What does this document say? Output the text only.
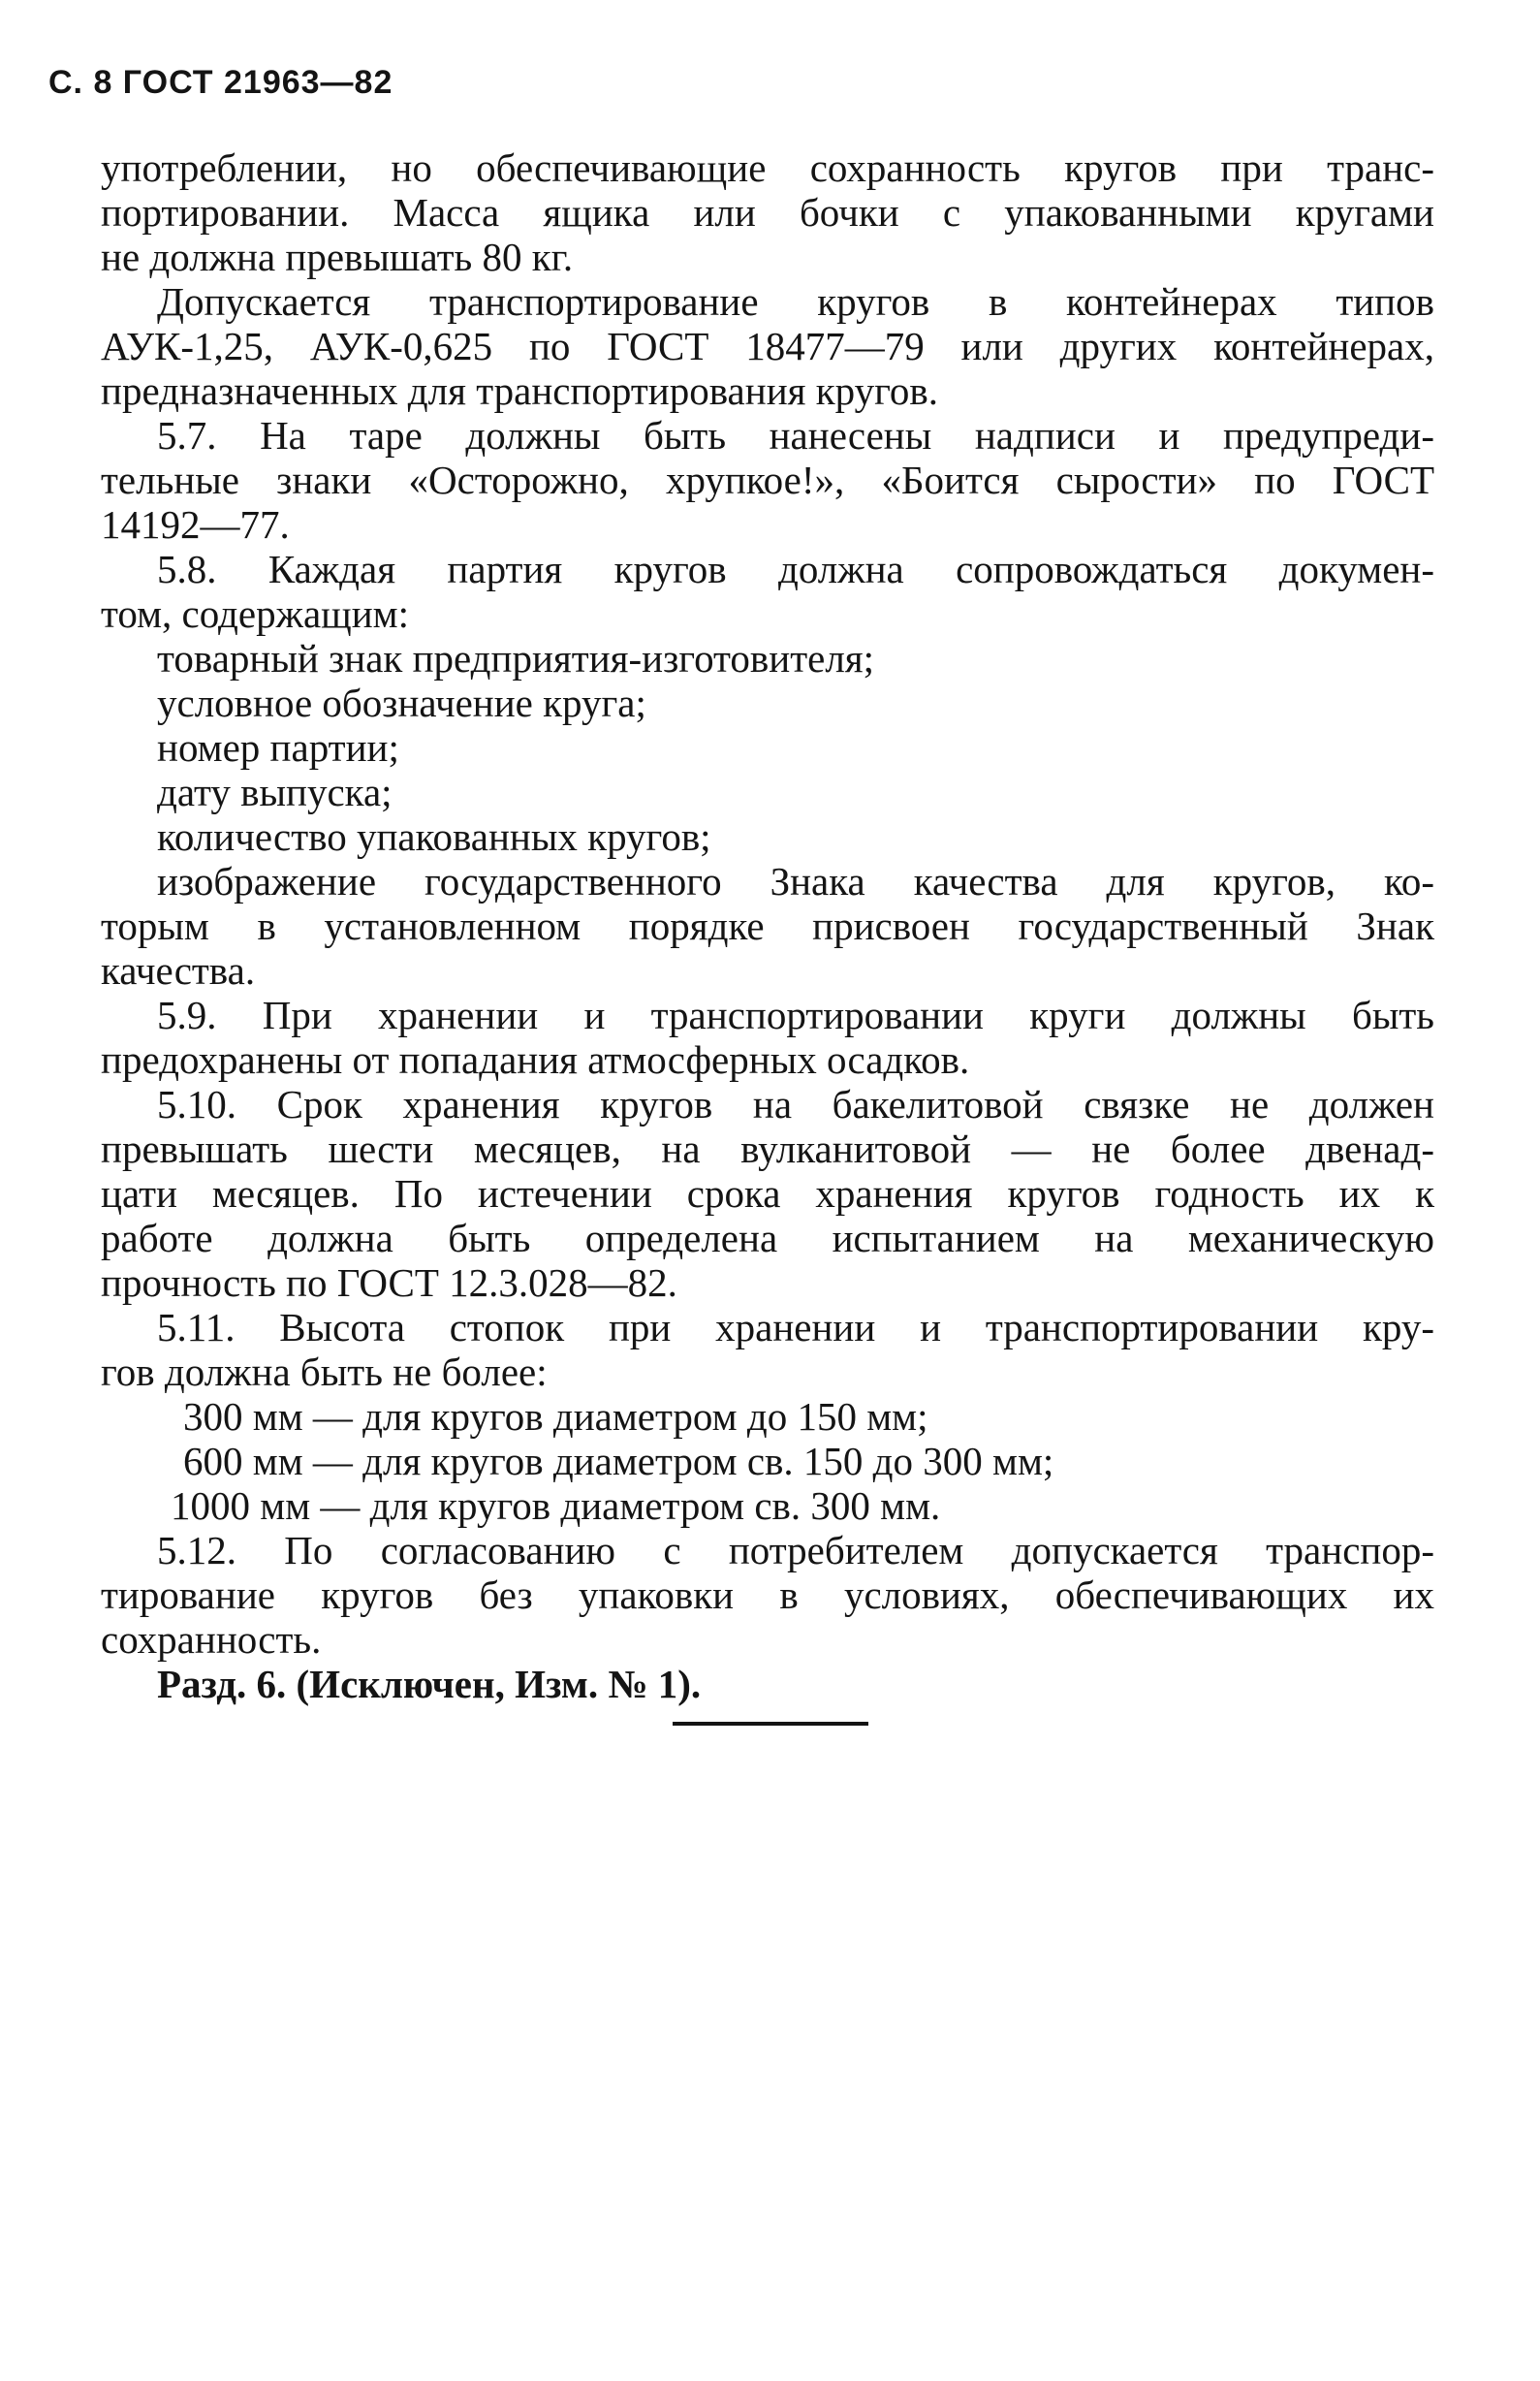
С. 8 ГОСТ 21963—82
употреблении, но обеспечивающие сохранность кругов при транс-
портировании. Масса ящика или бочки с упакованными кругами
не должна превышать 80 кг.
Допускается транспортирование кругов в контейнерах типов
АУК-1,25, АУК-0,625 по ГОСТ 18477—79 или других контейнерах,
предназначенных для транспортирования кругов.
5.7. На таре должны быть нанесены надписи и предупреди-
тельные знаки «Осторожно, хрупкое!», «Боится сырости» по ГОСТ
14192—77.
5.8. Каждая партия кругов должна сопровождаться докумен-
том, содержащим:
товарный знак предприятия-изготовителя;
условное обозначение круга;
номер партии;
дату выпуска;
количество упакованных кругов;
изображение государственного Знака качества для кругов, ко-
торым в установленном порядке присвоен государственный Знак
качества.
5.9. При хранении и транспортировании круги должны быть
предохранены от попадания атмосферных осадков.
5.10. Срок хранения кругов на бакелитовой связке не должен
превышать шести месяцев, на вулканитовой — не более двенад-
цати месяцев. По истечении срока хранения кругов годность их к
работе должна быть определена испытанием на механическую
прочность по ГОСТ 12.3.028—82.
5.11. Высота стопок при хранении и транспортировании кру-
гов должна быть не более:
300 мм — для кругов диаметром до 150 мм;
600 мм — для кругов диаметром св. 150 до 300 мм;
1000 мм — для кругов диаметром св. 300 мм.
5.12. По согласованию с потребителем допускается транспор-
тирование кругов без упаковки в условиях, обеспечивающих их
сохранность.
Разд. 6. (Исключен, Изм. № 1).
